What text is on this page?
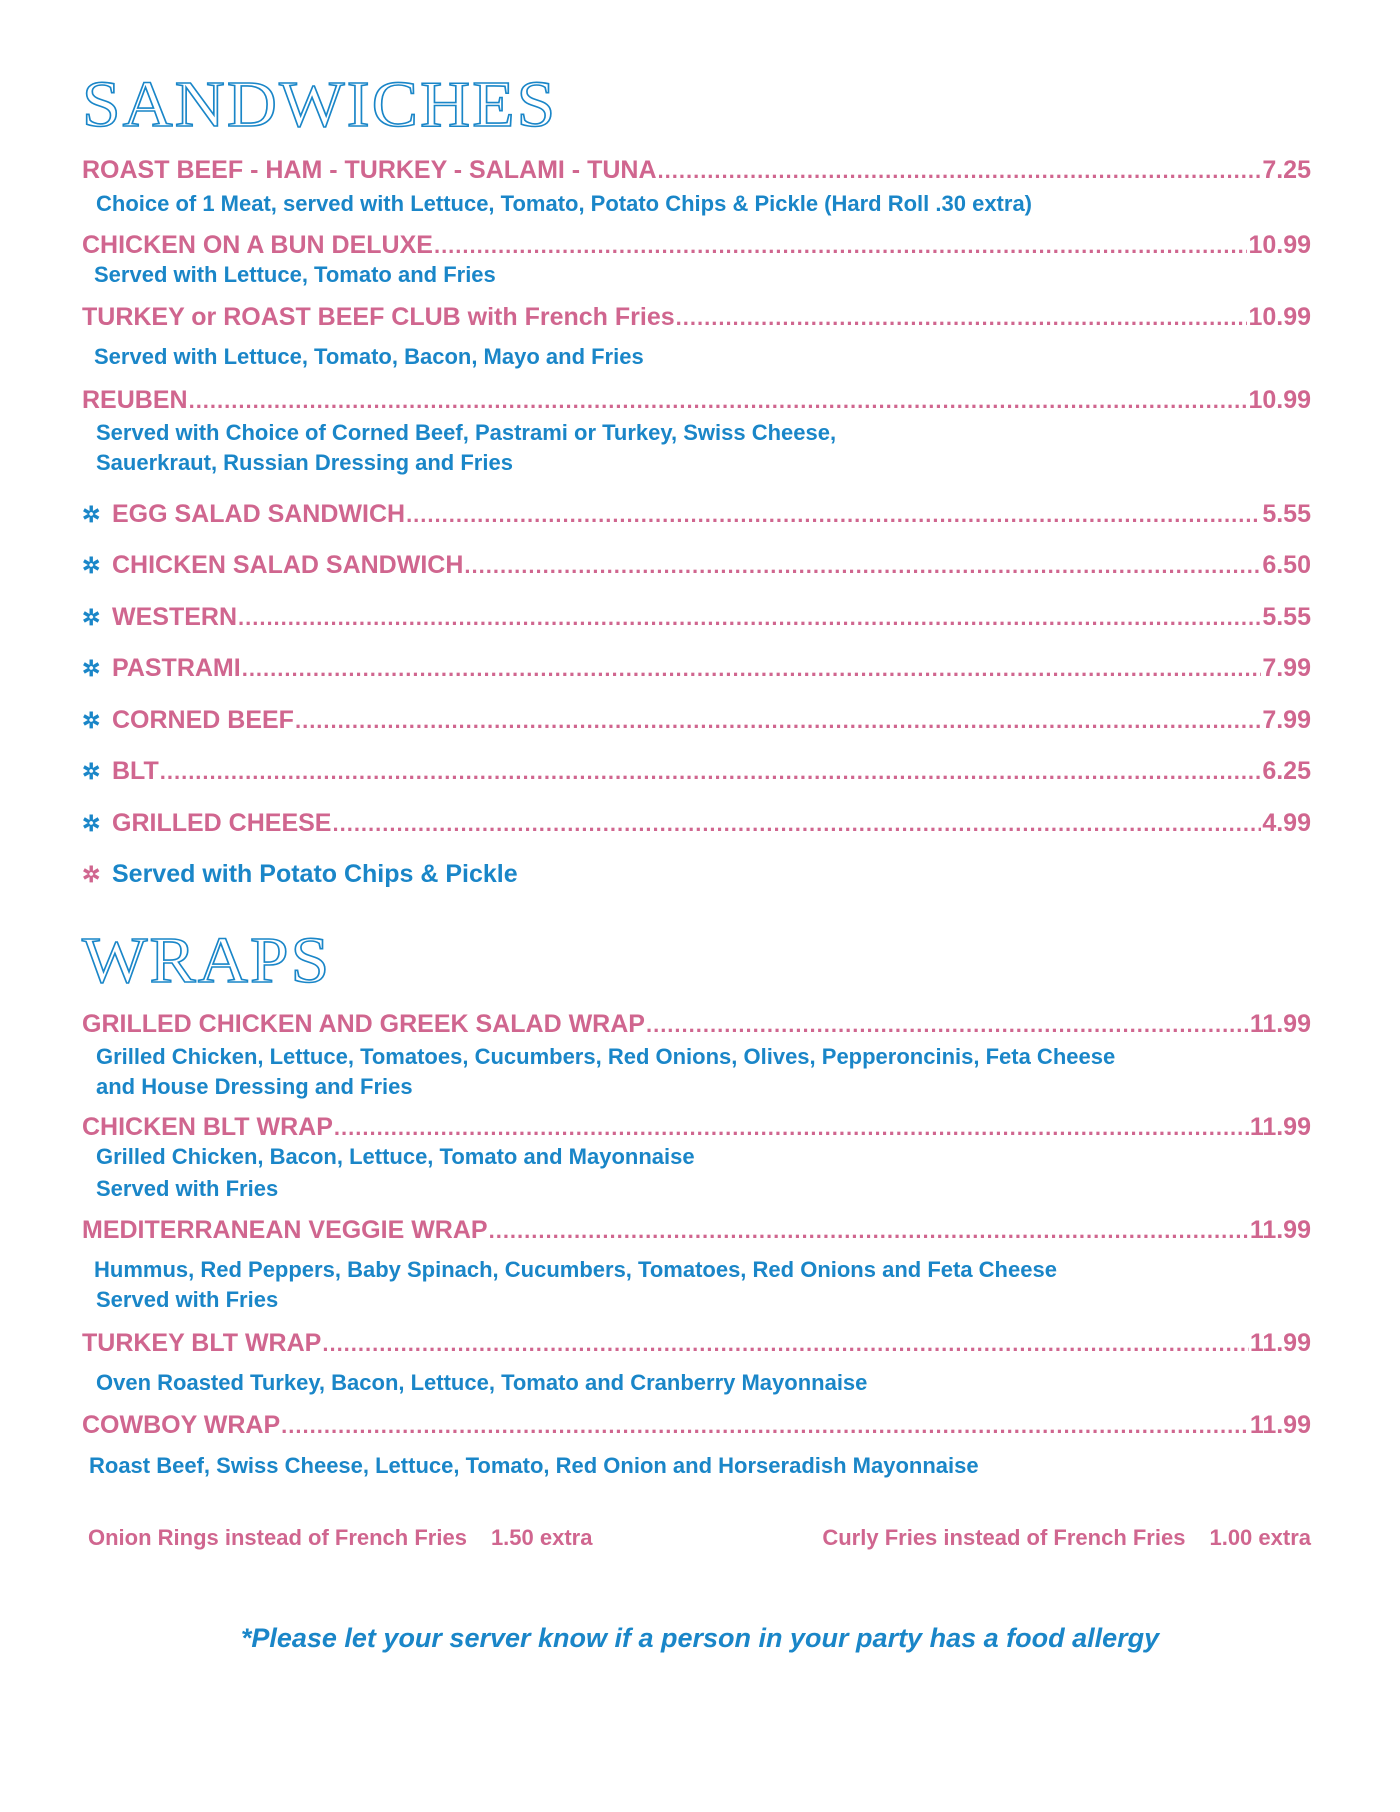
SANDWICHES
ROAST BEEF - HAM - TURKEY - SALAMI - TUNA .....	7.25
Choice of 1 Meat, served with Lettuce, Tomato, Potato Chips & Pickle (Hard Roll .30 extra)
CHICKEN ON A BUN DELUXE .....	10.99
Served with Lettuce, Tomato and Fries
TURKEY or ROAST BEEF CLUB with French Fries .....	10.99
Served with Lettuce, Tomato, Bacon, Mayo and Fries
REUBEN .....	10.99
Served with Choice of Corned Beef, Pastrami or Turkey, Swiss Cheese,
Sauerkraut, Russian Dressing and Fries
✲ EGG SALAD SANDWICH .....	5.55
✲ CHICKEN SALAD SANDWICH .....	6.50
✲ WESTERN .....	5.55
✲ PASTRAMI .....	7.99
✲ CORNED BEEF .....	7.99
✲ BLT .....	6.25
✲ GRILLED CHEESE .....	4.99
✲ Served with Potato Chips & Pickle
WRAPS
GRILLED CHICKEN AND GREEK SALAD WRAP .....	11.99
Grilled Chicken, Lettuce, Tomatoes, Cucumbers, Red Onions, Olives, Pepperoncinis, Feta Cheese
and House Dressing and Fries
CHICKEN BLT WRAP .....	11.99
Grilled Chicken, Bacon, Lettuce, Tomato and Mayonnaise
Served with Fries
MEDITERRANEAN VEGGIE WRAP .....	11.99
Hummus, Red Peppers, Baby Spinach, Cucumbers, Tomatoes, Red Onions and Feta Cheese
Served with Fries
TURKEY BLT WRAP .....	11.99
Oven Roasted Turkey, Bacon, Lettuce, Tomato and Cranberry Mayonnaise
COWBOY WRAP .....	11.99
Roast Beef, Swiss Cheese, Lettuce, Tomato, Red Onion and Horseradish Mayonnaise
Onion Rings instead of French Fries 1.50 extra	Curly Fries instead of French Fries 1.00 extra
*Please let your server know if a person in your party has a food allergy
